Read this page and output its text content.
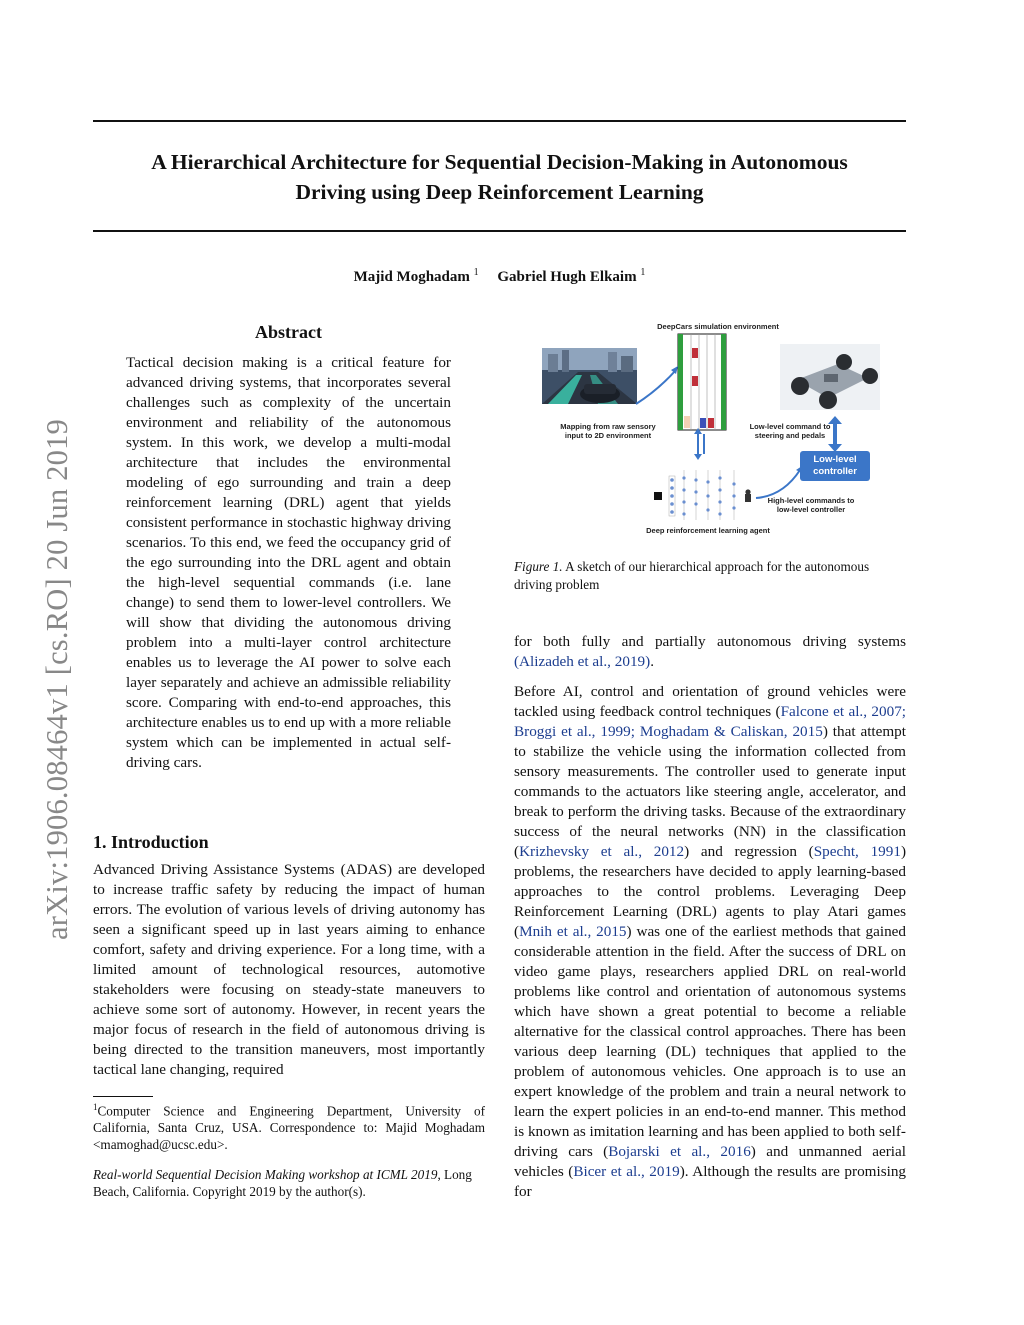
arXiv:1906.08464v1 [cs.RO] 20 Jun 2019
A Hierarchical Architecture for Sequential Decision-Making in Autonomous
Driving using Deep Reinforcement Learning
Majid Moghadam $^1$ Gabriel Hugh Elkaim $^1$
Abstract

Tactical decision making is a critical feature for advanced driving systems, that incorporates several challenges such as complexity of the uncertain environment and reliability of the autonomous system. In this work, we develop a multi-modal architecture that includes the environmental modeling of ego surrounding and train a deep reinforcement learning (DRL) agent that yields consistent performance in stochastic highway driving scenarios. To this end, we feed the occupancy grid of the ego surrounding into the DRL agent and obtain the high-level sequential commands (i.e. lane change) to send them to lower-level controllers. We will show that dividing the autonomous driving problem into a multi-layer control architecture enables us to leverage the AI power to solve each layer separately and achieve an admissible reliability score. Comparing with end-to-end approaches, this architecture enables us to end up with a more reliable system which can be implemented in actual self-driving cars.

1. Introduction

Advanced Driving Assistance Systems (ADAS) are developed to increase traffic safety by reducing the impact of human errors. The evolution of various levels of driving autonomy has seen a significant speed up in last years aiming to enhance comfort, safety and driving experience. For a long time, with a limited amount of technological resources, automotive stakeholders were focusing on steady-state maneuvers to achieve some sort of autonomy. However, in recent years the major focus of research in the field of autonomous driving is being directed to the transition maneuvers, most importantly tactical lane changing, required

$^1$Computer Science and Engineering Department, University of California, Santa Cruz, USA. Correspondence to: Majid Moghadam <mamoghad@ucsc.edu>.
Real-world Sequential Decision Making workshop at ICML 2019, Long Beach, California. Copyright 2019 by the author(s).
DeepCars simulation environment
Mapping from raw sensory input to 2D environment
Low-level command to steering and pedals
Low-level controller
High-level commands to low-level controller
Deep reinforcement learning agent
Figure 1. A sketch of our hierarchical approach for the autonomous driving problem

for both fully and partially autonomous driving systems (Alizadeh et al., 2019).

Before AI, control and orientation of ground vehicles were tackled using feedback control techniques (Falcone et al., 2007; Broggi et al., 1999; Moghadam & Caliskan, 2015) that attempt to stabilize the vehicle using the information collected from sensory measurements. The controller used to generate input commands to the actuators like steering angle, accelerator, and break to perform the driving tasks. Because of the extraordinary success of the neural networks (NN) in the classification (Krizhevsky et al., 2012) and regression (Specht, 1991) problems, the researchers have decided to apply learning-based approaches to the control problems. Leveraging Deep Reinforcement Learning (DRL) agents to play Atari games (Mnih et al., 2015) was one of the earliest methods that gained considerable attention in the field. After the success of DRL on video game plays, researchers applied DRL on real-world problems like control and orientation of autonomous systems which have shown a great potential to become a reliable alternative for the classical control approaches. There has been various deep learning (DL) techniques that applied to the problem of autonomous vehicles. One approach is to use an expert knowledge of the problem and train a neural network to learn the expert policies in an end-to-end manner. This method is known as imitation learning and has been applied to both self-driving cars (Bojarski et al., 2016) and unmanned aerial vehicles (Bicer et al., 2019). Although the results are promising for
